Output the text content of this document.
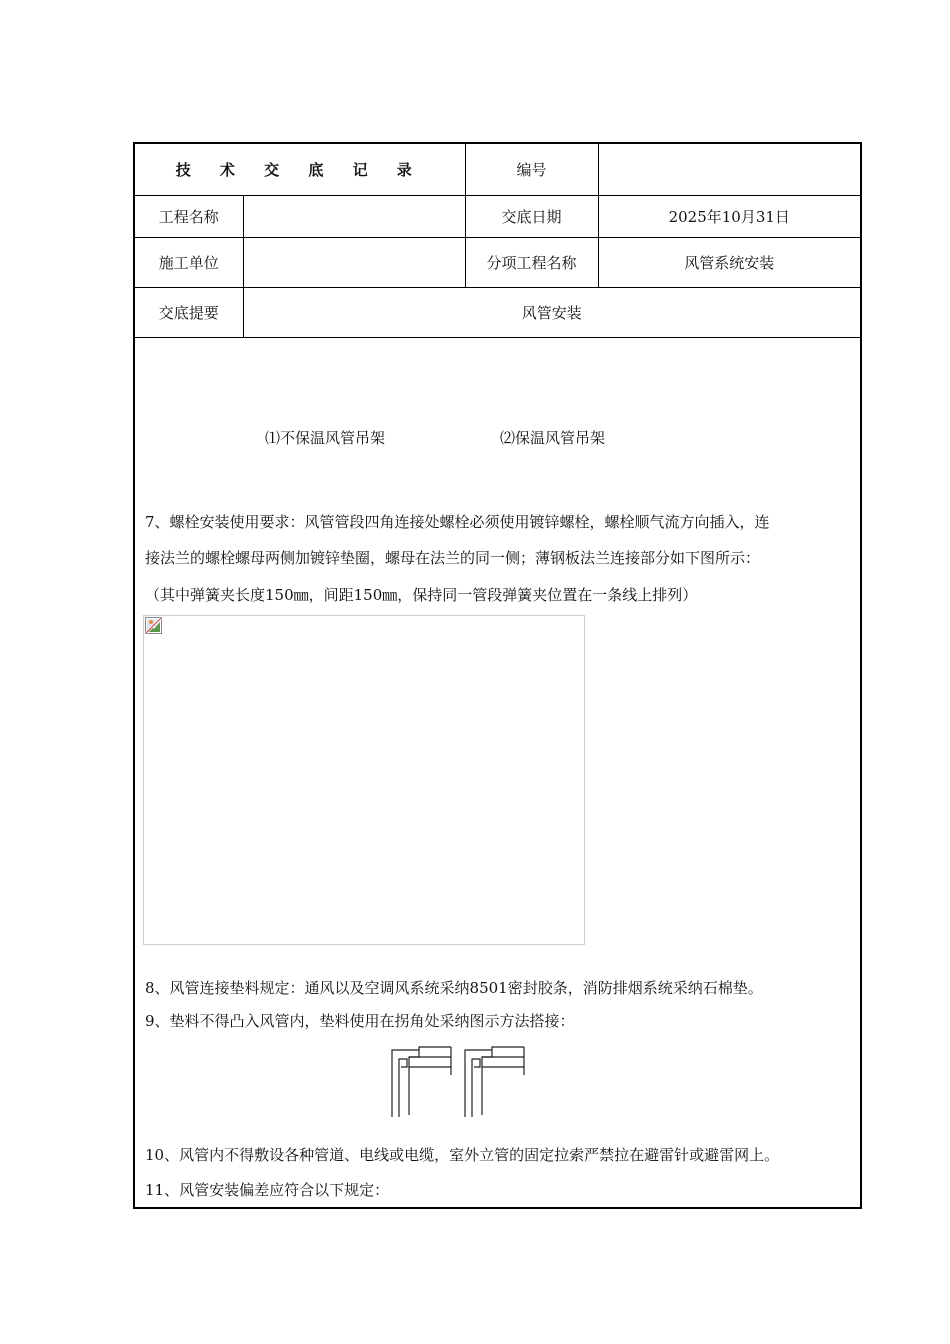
技 术 交 底 记 录		编号	
工程名称		交底日期	2025年10月31日
施工单位		分项工程名称	风管系统安装
交底提要	风管安装		
⑴不保温风管吊架	⑵保温风管吊架
7、螺栓安装使用要求：风管管段四角连接处螺栓必须使用镀锌螺栓，螺栓顺气流方向插入，连
接法兰的螺栓螺母两侧加镀锌垫圈，螺母在法兰的同一侧；薄钢板法兰连接部分如下图所示：
（其中弹簧夹长度150㎜，间距150㎜，保持同一管段弹簧夹位置在一条线上排列）
8、风管连接垫料规定：通风以及空调风系统采纳8501密封胶条，消防排烟系统采纳石棉垫。
9、垫料不得凸入风管内，垫料使用在拐角处采纳图示方法搭接：
10、风管内不得敷设各种管道、电线或电缆，室外立管的固定拉索严禁拉在避雷针或避雷网上。
11、风管安装偏差应符合以下规定：
